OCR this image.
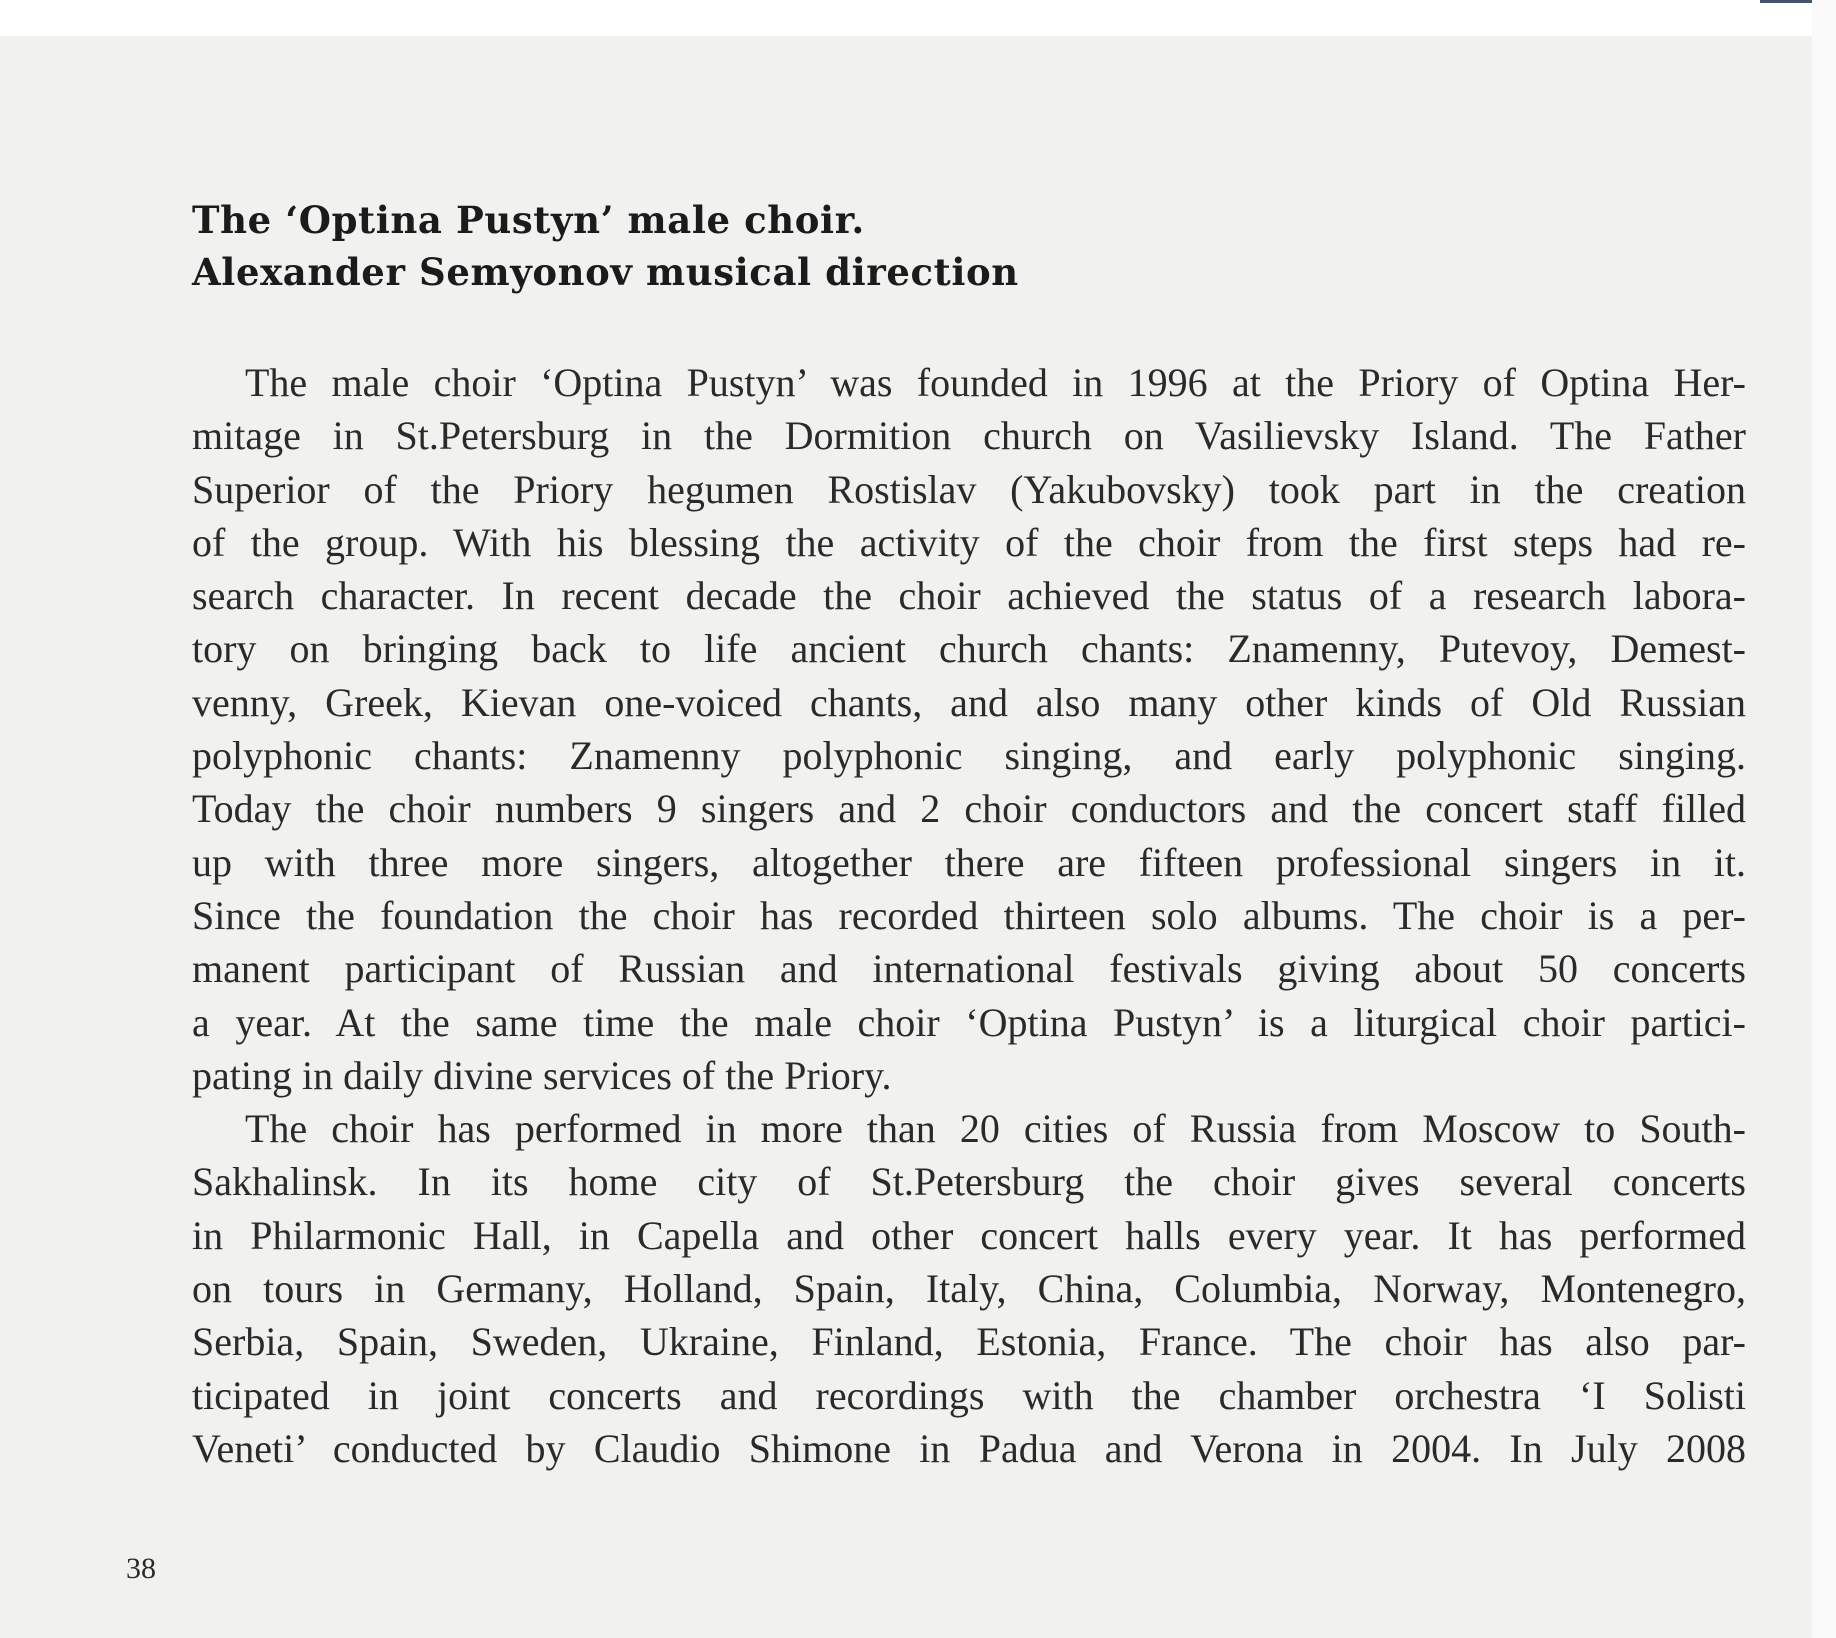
The ‘Optina Pustyn’ male choir.
Alexander Semyonov musical direction
The male choir ‘Optina Pustyn’ was founded in 1996 at the Priory of Optina Her-
mitage in St.Petersburg in the Dormition church on Vasilievsky Island. The Father
Superior of the Priory hegumen Rostislav (Yakubovsky) took part in the creation
of the group. With his blessing the activity of the choir from the first steps had re-
search character. In recent decade the choir achieved the status of a research labora-
tory on bringing back to life ancient church chants: Znamenny, Putevoy, Demest-
venny, Greek, Kievan one-voiced chants, and also many other kinds of Old Russian
polyphonic chants: Znamenny polyphonic singing, and early polyphonic singing.
Today the choir numbers 9 singers and 2 choir conductors and the concert staff filled
up with three more singers, altogether there are fifteen professional singers in it.
Since the foundation the choir has recorded thirteen solo albums. The choir is a per-
manent participant of Russian and international festivals giving about 50 concerts
a year. At the same time the male choir ‘Optina Pustyn’ is a liturgical choir partici-
pating in daily divine services of the Priory.
The choir has performed in more than 20 cities of Russia from Moscow to South-
Sakhalinsk. In its home city of St.Petersburg the choir gives several concerts
in Philarmonic Hall, in Capella and other concert halls every year. It has performed
on tours in Germany, Holland, Spain, Italy, China, Columbia, Norway, Montenegro,
Serbia, Spain, Sweden, Ukraine, Finland, Estonia, France. The choir has also par-
ticipated in joint concerts and recordings with the chamber orchestra ‘I Solisti
Veneti’ conducted by Claudio Shimone in Padua and Verona in 2004. In July 2008
38
